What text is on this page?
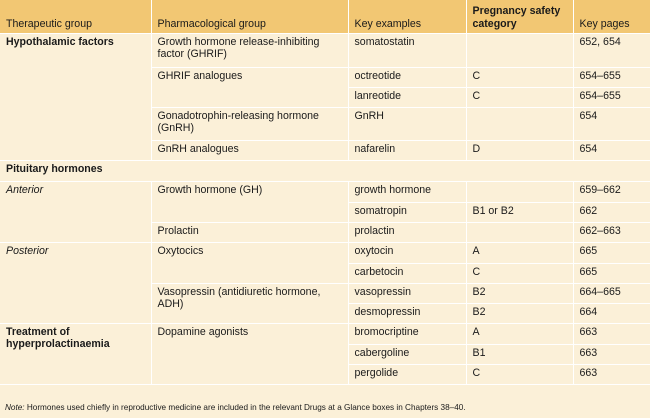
Therapeutic group	Pharmacological group	Key examples	Pregnancy safety category	Key pages
Hypothalamic factors	Growth hormone release-inhibiting factor (GHRIF)	somatostatin		652, 654
	GHRIF analogues	octreotide	C	654–655
		lanreotide	C	654–655
	Gonadotrophin-releasing hormone (GnRH)	GnRH		654
	GnRH analogues	nafarelin	D	654
Pituitary hormones				
Anterior	Growth hormone (GH)	growth hormone		659–662
		somatropin	B1 or B2	662
	Prolactin	prolactin		662–663
Posterior	Oxytocics	oxytocin	A	665
		carbetocin	C	665
	Vasopressin (antidiuretic hormone, ADH)	vasopressin	B2	664–665
		desmopressin	B2	664
Treatment of hyperprolactinaemia	Dopamine agonists	bromocriptine	A	663
		cabergoline	B1	663
		pergolide	C	663
Note: Hormones used chiefly in reproductive medicine are included in the relevant Drugs at a Glance boxes in Chapters 38–40.
